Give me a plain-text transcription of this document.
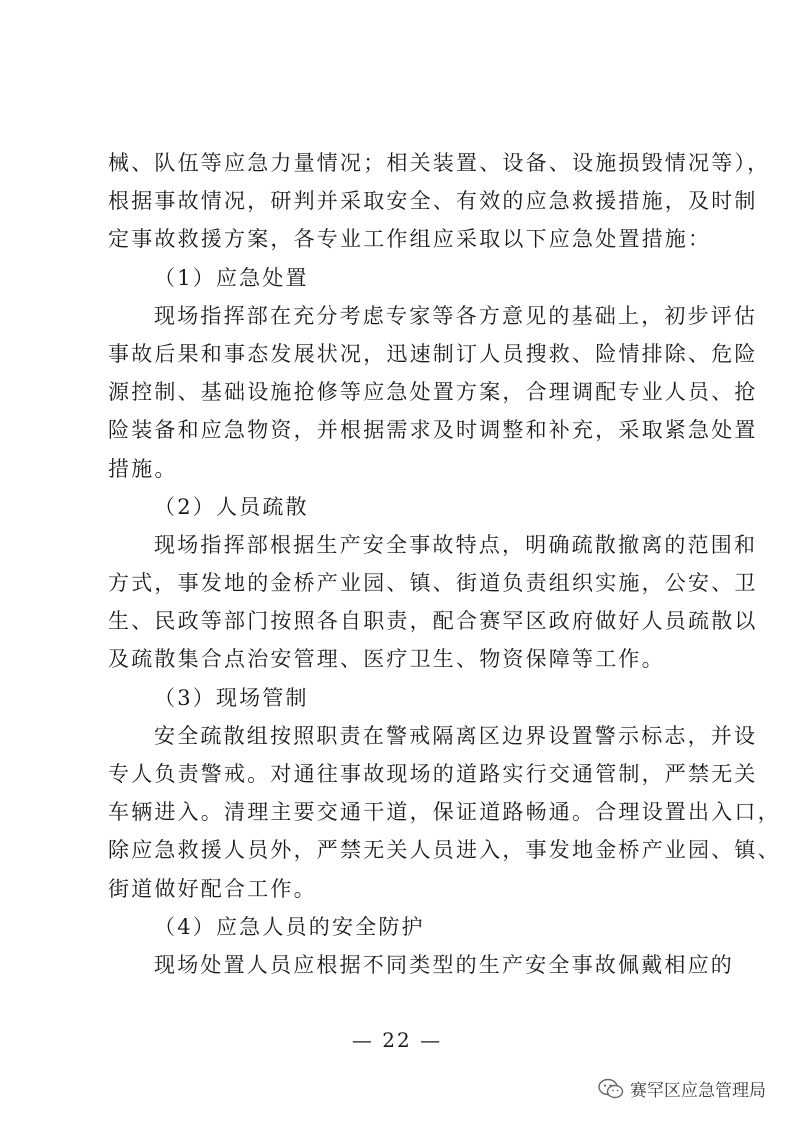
械、队伍等应急力量情况；相关装置、设备、设施损毁情况等），
根据事故情况，研判并采取安全、有效的应急救援措施，及时制
定事故救援方案，各专业工作组应采取以下应急处置措施：
（1）应急处置
现场指挥部在充分考虑专家等各方意见的基础上，初步评估
事故后果和事态发展状况，迅速制订人员搜救、险情排除、危险
源控制、基础设施抢修等应急处置方案，合理调配专业人员、抢
险装备和应急物资，并根据需求及时调整和补充，采取紧急处置
措施。
（2）人员疏散
现场指挥部根据生产安全事故特点，明确疏散撤离的范围和
方式，事发地的金桥产业园、镇、街道负责组织实施，公安、卫
生、民政等部门按照各自职责，配合赛罕区政府做好人员疏散以
及疏散集合点治安管理、医疗卫生、物资保障等工作。
（3）现场管制
安全疏散组按照职责在警戒隔离区边界设置警示标志，并设
专人负责警戒。对通往事故现场的道路实行交通管制，严禁无关
车辆进入。清理主要交通干道，保证道路畅通。合理设置出入口，
除应急救援人员外，严禁无关人员进入，事发地金桥产业园、镇、
街道做好配合工作。
（4）应急人员的安全防护
现场处置人员应根据不同类型的生产安全事故佩戴相应的
— 22 —
赛罕区应急管理局
